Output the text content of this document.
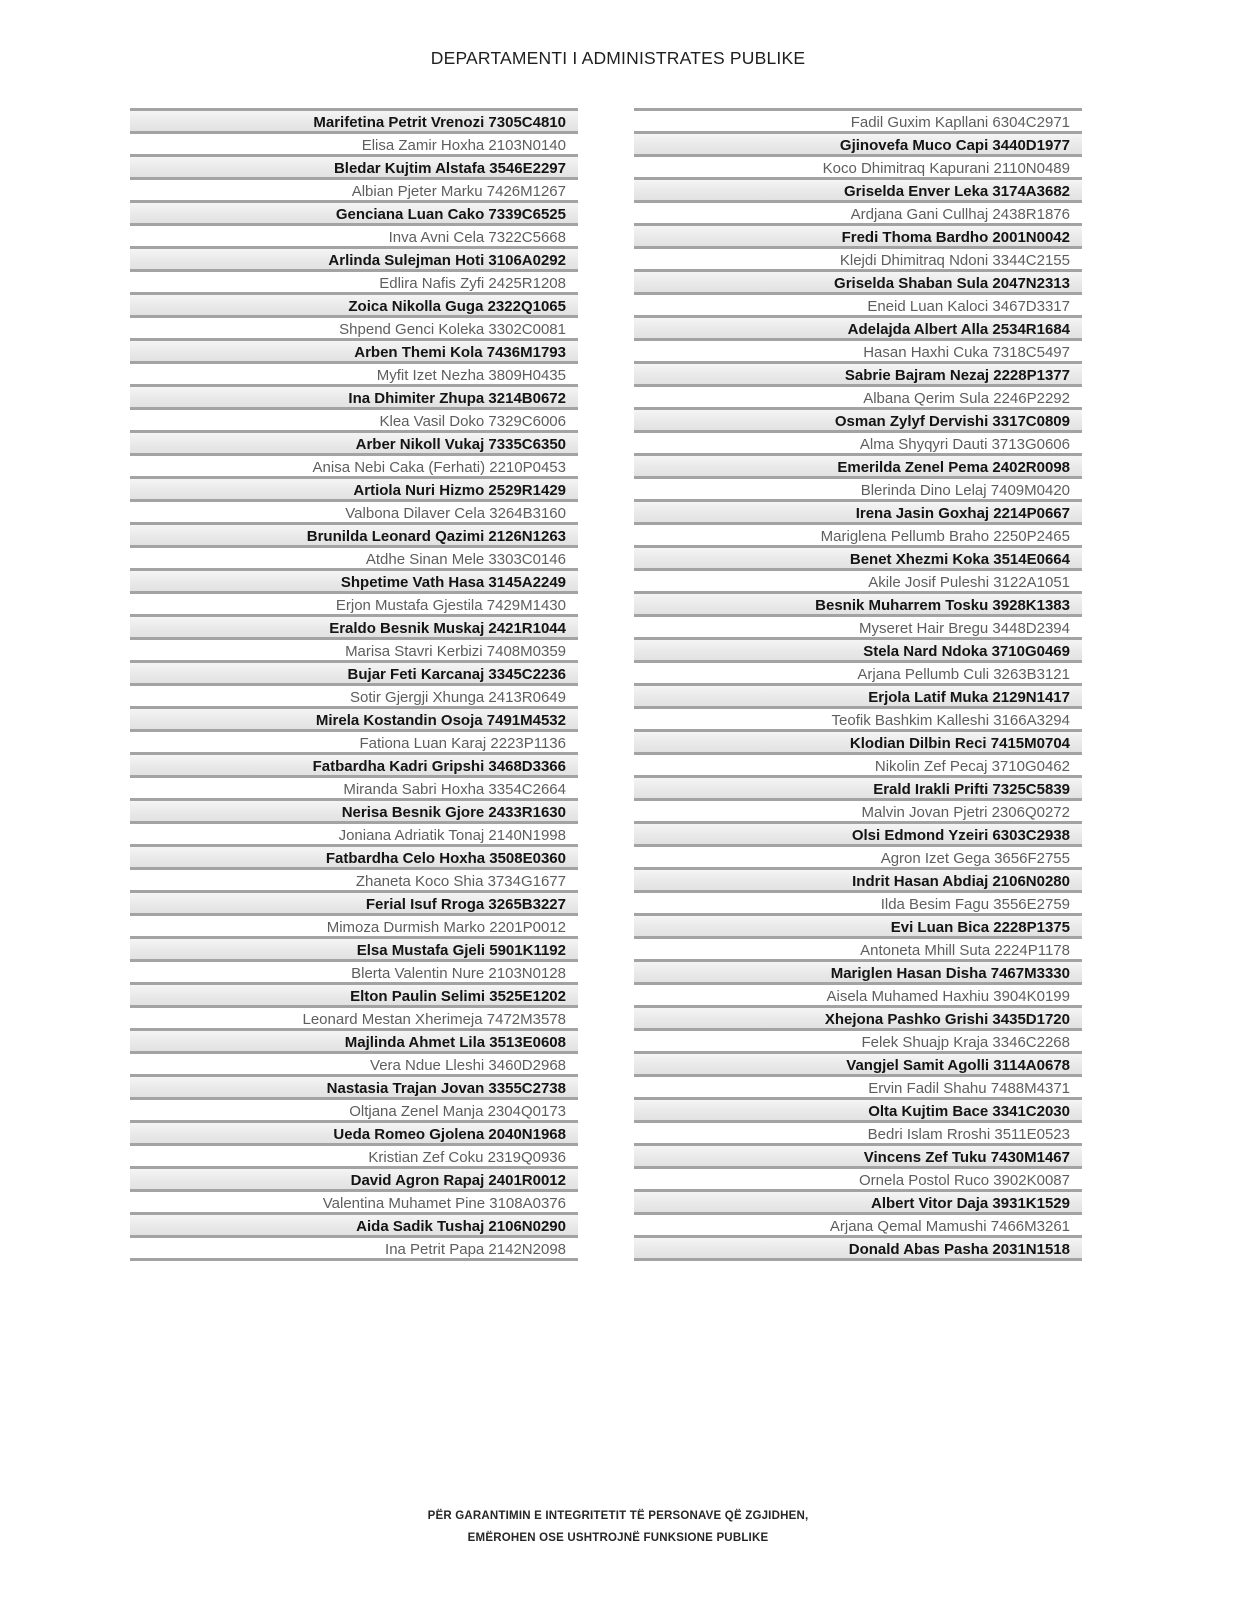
DEPARTAMENTI I ADMINISTRATES PUBLIKE
Marifetina Petrit Vrenozi 7305C4810
Elisa Zamir Hoxha 2103N0140
Bledar Kujtim Alstafa 3546E2297
Albian Pjeter Marku 7426M1267
Genciana Luan Cako 7339C6525
Inva Avni Cela 7322C5668
Arlinda Sulejman Hoti 3106A0292
Edlira Nafis Zyfi 2425R1208
Zoica Nikolla Guga 2322Q1065
Shpend Genci Koleka 3302C0081
Arben Themi Kola 7436M1793
Myfit Izet Nezha 3809H0435
Ina Dhimiter Zhupa 3214B0672
Klea Vasil Doko 7329C6006
Arber Nikoll Vukaj 7335C6350
Anisa Nebi Caka (Ferhati) 2210P0453
Artiola Nuri Hizmo 2529R1429
Valbona Dilaver Cela 3264B3160
Brunilda Leonard Qazimi 2126N1263
Atdhe Sinan Mele 3303C0146
Shpetime Vath Hasa 3145A2249
Erjon Mustafa Gjestila 7429M1430
Eraldo Besnik Muskaj 2421R1044
Marisa Stavri Kerbizi 7408M0359
Bujar Feti Karcanaj 3345C2236
Sotir Gjergji Xhunga 2413R0649
Mirela Kostandin Osoja 7491M4532
Fationa Luan Karaj 2223P1136
Fatbardha Kadri Gripshi 3468D3366
Miranda Sabri Hoxha 3354C2664
Nerisa Besnik Gjore 2433R1630
Joniana Adriatik Tonaj 2140N1998
Fatbardha Celo Hoxha 3508E0360
Zhaneta Koco Shia 3734G1677
Ferial Isuf Rroga 3265B3227
Mimoza Durmish Marko 2201P0012
Elsa Mustafa Gjeli 5901K1192
Blerta Valentin Nure 2103N0128
Elton Paulin Selimi 3525E1202
Leonard Mestan Xherimeja 7472M3578
Majlinda Ahmet Lila 3513E0608
Vera Ndue Lleshi 3460D2968
Nastasia Trajan Jovan 3355C2738
Oltjana Zenel Manja 2304Q0173
Ueda Romeo Gjolena 2040N1968
Kristian Zef Coku 2319Q0936
David Agron Rapaj 2401R0012
Valentina Muhamet Pine 3108A0376
Aida Sadik Tushaj 2106N0290
Ina Petrit Papa 2142N2098
Fadil Guxim Kapllani 6304C2971
Gjinovefa Muco Capi 3440D1977
Koco Dhimitraq Kapurani 2110N0489
Griselda Enver Leka 3174A3682
Ardjana Gani Cullhaj 2438R1876
Fredi Thoma Bardho 2001N0042
Klejdi Dhimitraq Ndoni 3344C2155
Griselda Shaban Sula 2047N2313
Eneid Luan Kaloci 3467D3317
Adelajda Albert Alla 2534R1684
Hasan Haxhi Cuka 7318C5497
Sabrie Bajram Nezaj 2228P1377
Albana Qerim Sula 2246P2292
Osman Zylyf Dervishi 3317C0809
Alma Shyqyri Dauti 3713G0606
Emerilda Zenel Pema 2402R0098
Blerinda Dino Lelaj 7409M0420
Irena Jasin Goxhaj 2214P0667
Mariglena Pellumb Braho 2250P2465
Benet Xhezmi Koka 3514E0664
Akile Josif Puleshi 3122A1051
Besnik Muharrem Tosku 3928K1383
Myseret Hair Bregu 3448D2394
Stela Nard Ndoka 3710G0469
Arjana Pellumb Culi 3263B3121
Erjola Latif Muka 2129N1417
Teofik Bashkim Kalleshi 3166A3294
Klodian Dilbin Reci 7415M0704
Nikolin Zef Pecaj 3710G0462
Erald Irakli Prifti 7325C5839
Malvin Jovan Pjetri 2306Q0272
Olsi Edmond Yzeiri 6303C2938
Agron Izet Gega 3656F2755
Indrit Hasan Abdiaj 2106N0280
Ilda Besim Fagu 3556E2759
Evi Luan Bica 2228P1375
Antoneta Mhill Suta 2224P1178
Mariglen Hasan Disha 7467M3330
Aisela Muhamed Haxhiu 3904K0199
Xhejona Pashko Grishi 3435D1720
Felek Shuajp Kraja 3346C2268
Vangjel Samit Agolli 3114A0678
Ervin Fadil Shahu 7488M4371
Olta Kujtim Bace 3341C2030
Bedri Islam Rroshi 3511E0523
Vincens Zef Tuku 7430M1467
Ornela Postol Ruco 3902K0087
Albert Vitor Daja 3931K1529
Arjana Qemal Mamushi 7466M3261
Donald Abas Pasha 2031N1518
PËR GARANTIMIN E INTEGRITETIT TË PERSONAVE QË ZGJIDHEN,
EMËROHEN OSE USHTROJNË FUNKSIONE PUBLIKE
